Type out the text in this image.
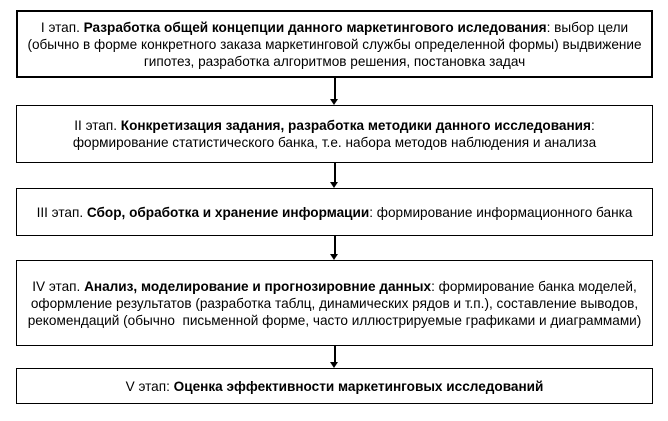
I этап. Разработка общей концепции данного маркетингового иследования: выбор цели (обычно в форме конкретного заказа маркетинговой службы определенной формы) выдвижение гипотез, разработка алгоритмов решения, постановка задач
II этап. Конкретизация задания, разработка методики данного исследования: формирование статистического банка, т.е. набора методов наблюдения и анализа
III этап. Сбор, обработка и хранение информации: формирование информационного банка
IV этап. Анализ, моделирование и прогнозировние данных: формирование банка моделей, оформление результатов (разработка таблц, динамических рядов и т.п.), составление выводов, рекомендаций (обычно  письменной форме, часто иллюстрируемые графиками и диаграммами)
V этап: Оценка эффективности маркетинговых исследований
